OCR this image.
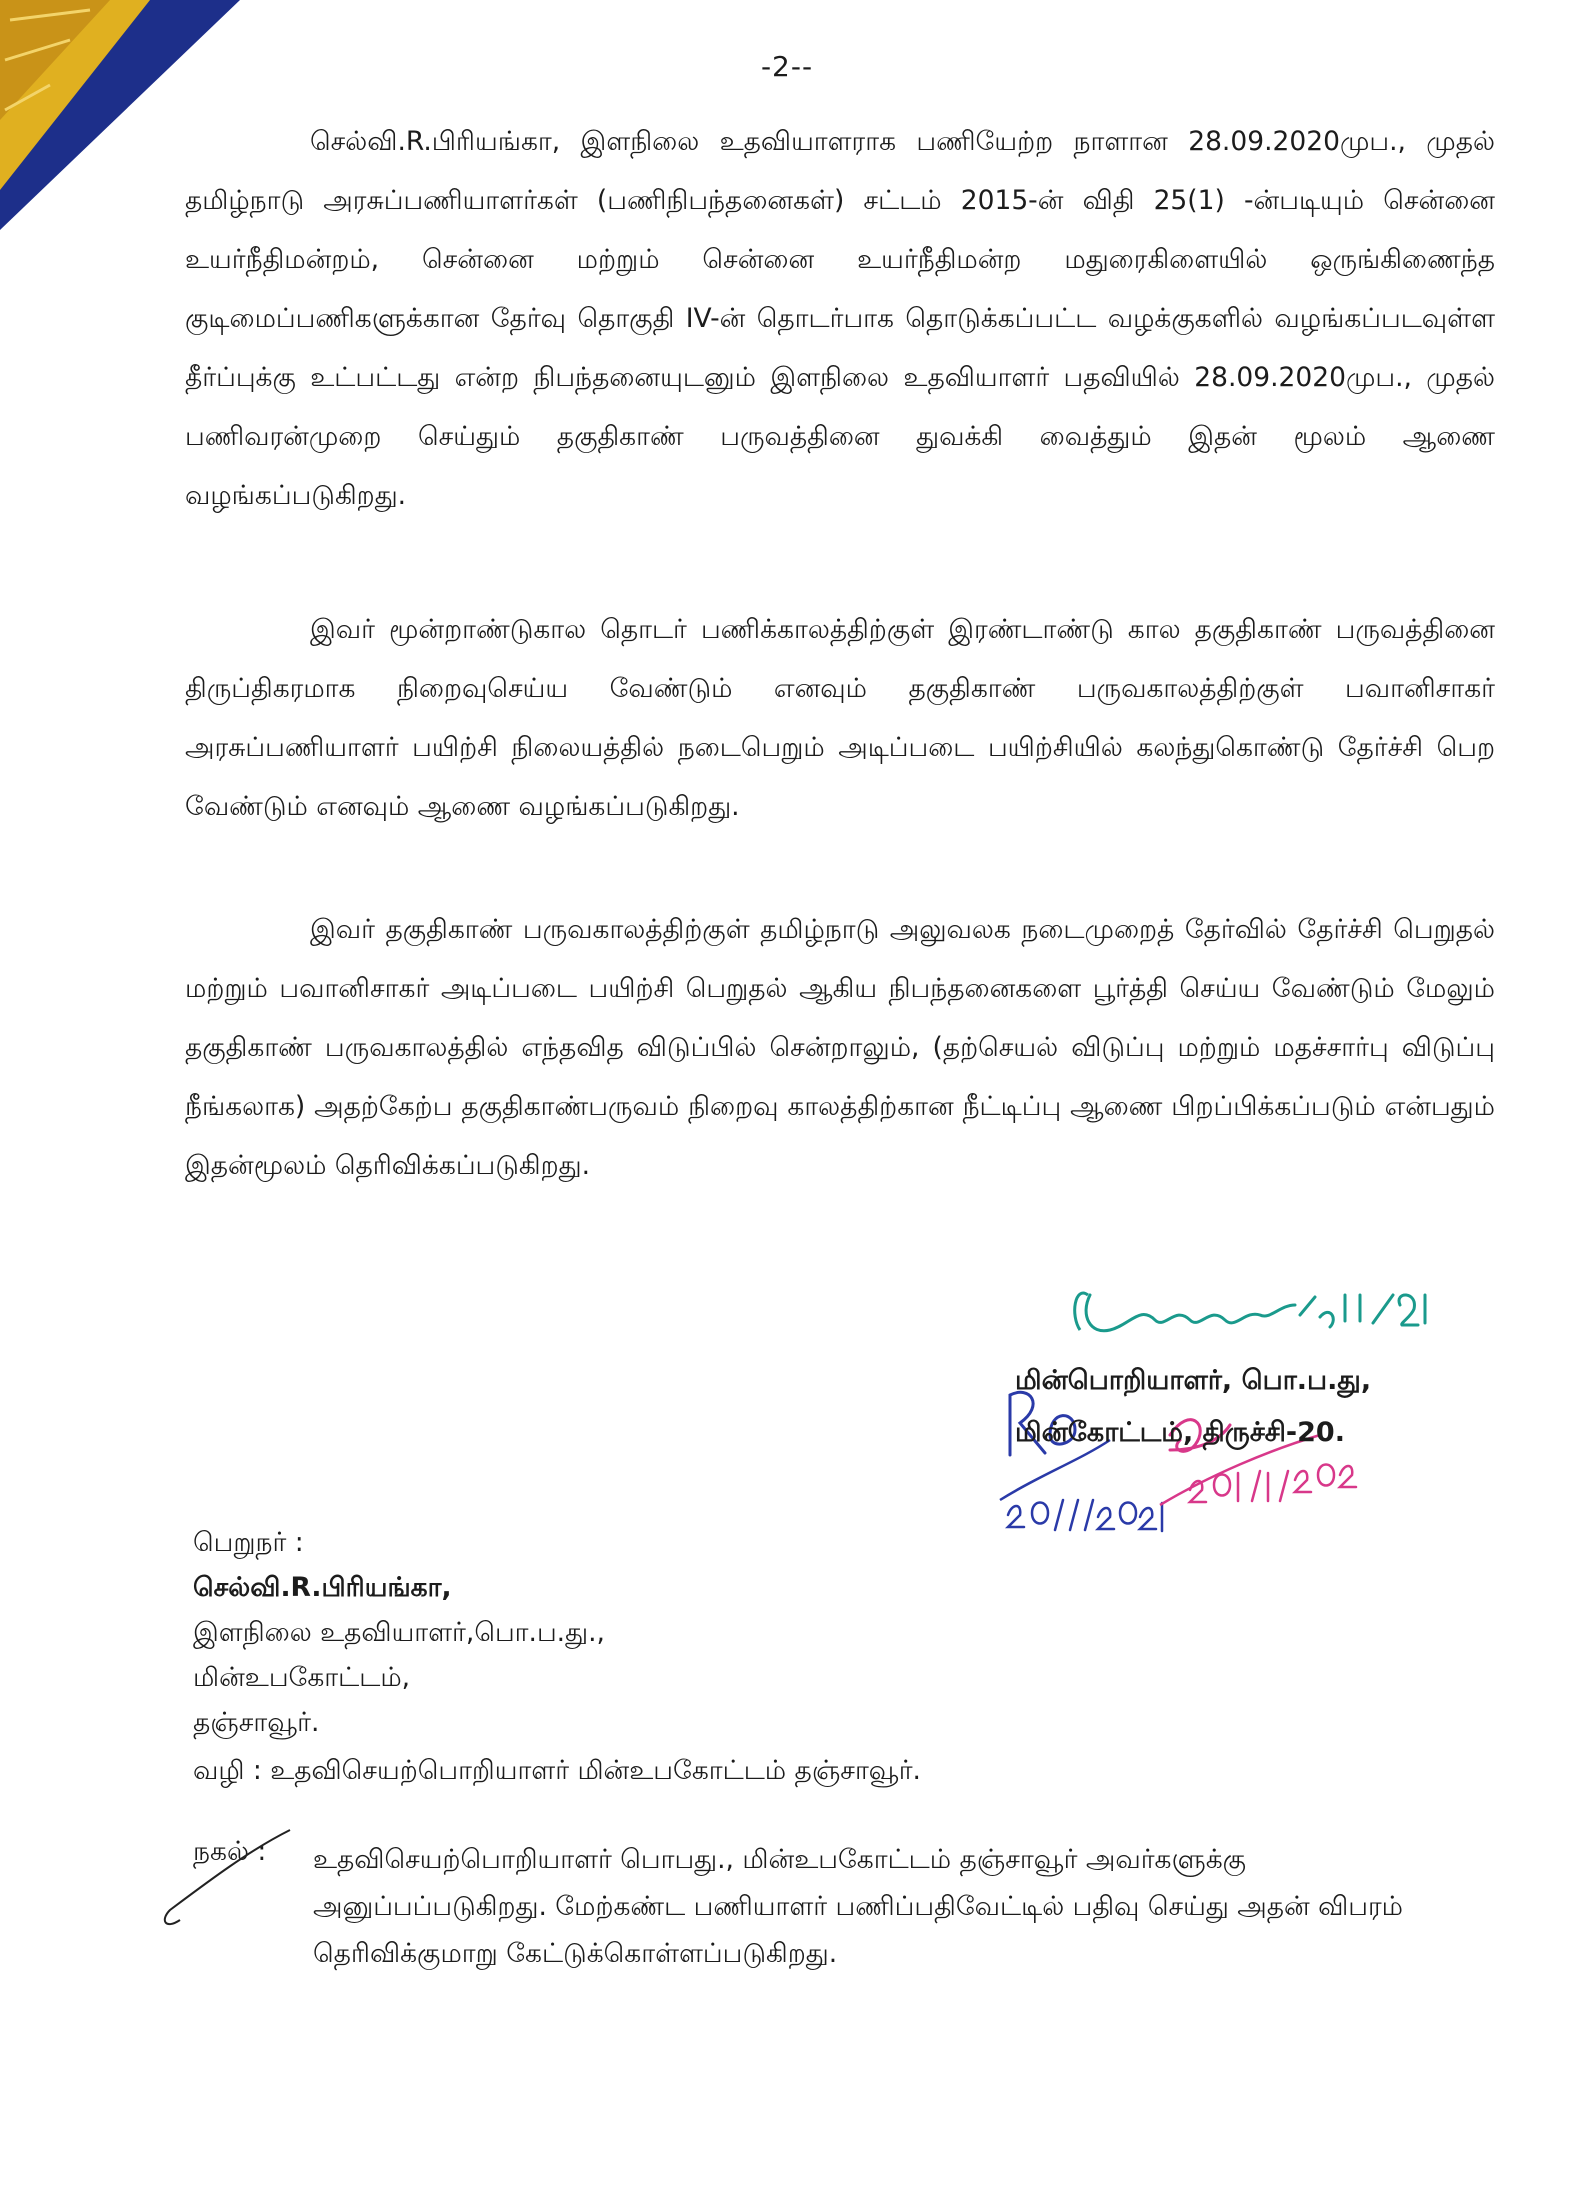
-2--
செல்வி.R.பிரியங்கா, இளநிலை உதவியாளராக பணியேற்ற நாளான 28.09.2020முப., முதல் தமிழ்நாடு அரசுப்பணியாளர்கள் (பணிநிபந்தனைகள்) சட்டம் 2015-ன் விதி 25(1) -ன்படியும் சென்னை உயர்நீதிமன்றம், சென்னை மற்றும் சென்னை உயர்நீதிமன்ற மதுரைகிளையில் ஒருங்கிணைந்த குடிமைப்பணிகளுக்கான தேர்வு தொகுதி IV-ன் தொடர்பாக தொடுக்கப்பட்ட வழக்குகளில் வழங்கப்படவுள்ள தீர்ப்புக்கு உட்பட்டது என்ற நிபந்தனையுடனும் இளநிலை உதவியாளர் பதவியில் 28.09.2020முப., முதல் பணிவரன்முறை செய்தும் தகுதிகாண் பருவத்தினை துவக்கி வைத்தும் இதன் மூலம் ஆணை வழங்கப்படுகிறது.
இவர் மூன்றாண்டுகால தொடர் பணிக்காலத்திற்குள் இரண்டாண்டு கால தகுதிகாண் பருவத்தினை திருப்திகரமாக நிறைவுசெய்ய வேண்டும் எனவும் தகுதிகாண் பருவகாலத்திற்குள் பவானிசாகர் அரசுப்பணியாளர் பயிற்சி நிலையத்தில் நடைபெறும் அடிப்படை பயிற்சியில் கலந்துகொண்டு தேர்ச்சி பெற வேண்டும் எனவும் ஆணை வழங்கப்படுகிறது.
இவர் தகுதிகாண் பருவகாலத்திற்குள் தமிழ்நாடு அலுவலக நடைமுறைத் தேர்வில் தேர்ச்சி பெறுதல் மற்றும் பவானிசாகர் அடிப்படை பயிற்சி பெறுதல் ஆகிய நிபந்தனைகளை பூர்த்தி செய்ய வேண்டும் மேலும் தகுதிகாண் பருவகாலத்தில் எந்தவித விடுப்பில் சென்றாலும், (தற்செயல் விடுப்பு மற்றும் மதச்சார்பு விடுப்பு நீங்கலாக) அதற்கேற்ப தகுதிகாண்பருவம் நிறைவு காலத்திற்கான நீட்டிப்பு ஆணை பிறப்பிக்கப்படும் என்பதும் இதன்மூலம் தெரிவிக்கப்படுகிறது.
மின்பொறியாளர், பொ.ப.து,
மின்கோட்டம், திருச்சி-20.
பெறுநர் :
செல்வி.R.பிரியங்கா,
இளநிலை உதவியாளர்,பொ.ப.து.,
மின்உபகோட்டம்,
தஞ்சாவூர்.
வழி : உதவிசெயற்பொறியாளர் மின்உபகோட்டம் தஞ்சாவூர்.
நகல் : உதவிசெயற்பொறியாளர் பொபது., மின்உபகோட்டம் தஞ்சாவூர் அவர்களுக்கு அனுப்பப்படுகிறது. மேற்கண்ட பணியாளர் பணிப்பதிவேட்டில் பதிவு செய்து அதன் விபரம் தெரிவிக்குமாறு கேட்டுக்கொள்ளப்படுகிறது.
